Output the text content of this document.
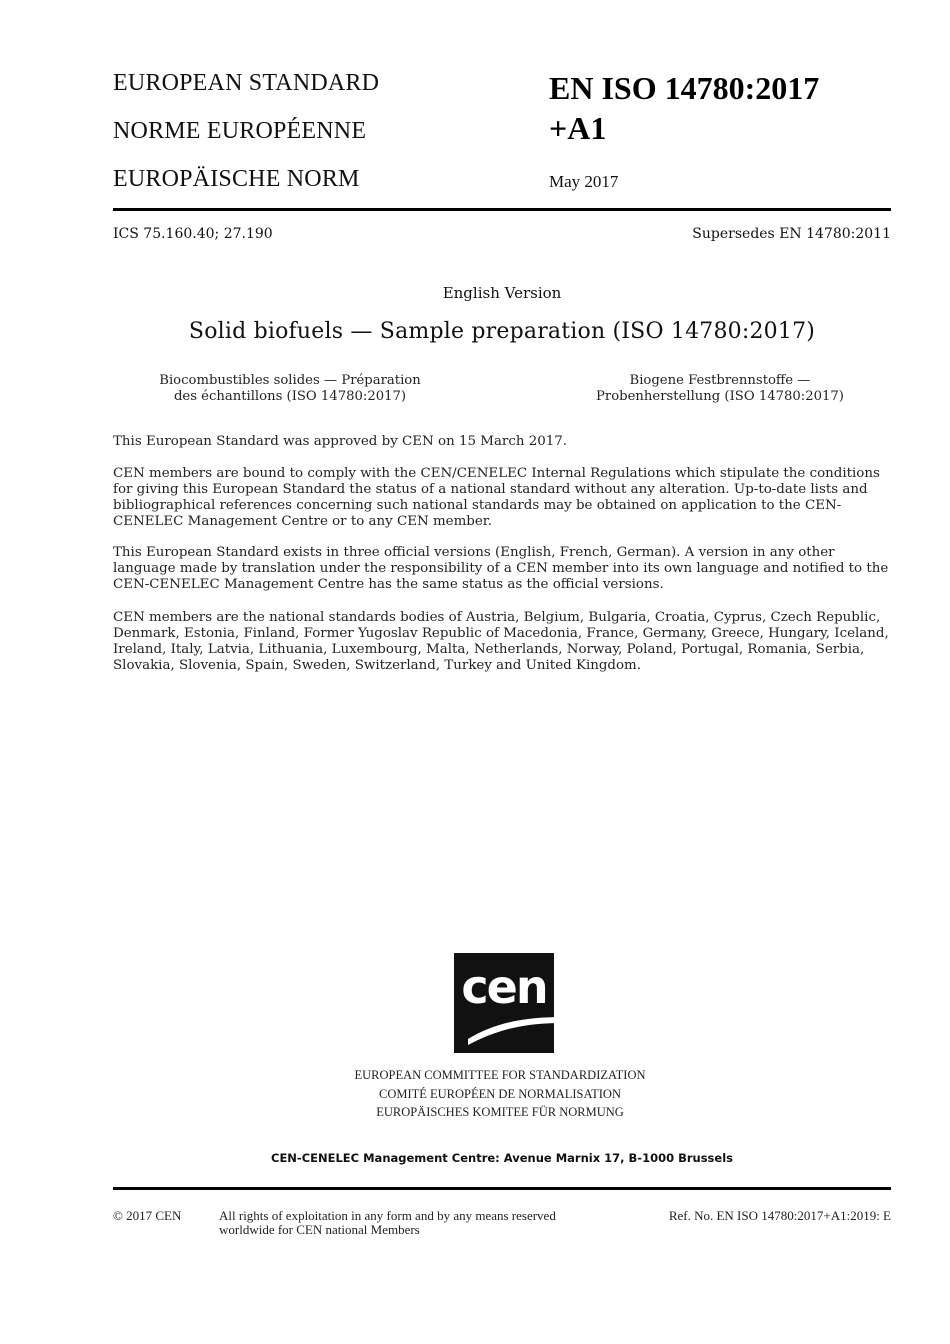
EUROPEAN STANDARD
NORME EUROPÉENNE
EUROPÄISCHE NORM
EN ISO 14780:2017
+A1
May 2017
ICS 75.160.40; 27.190	Supersedes EN 14780:2011
English Version
Solid biofuels — Sample preparation (ISO 14780:2017)
Biocombustibles solides — Préparation
des échantillons (ISO 14780:2017)
Biogene Festbrennstoffe —
Probenherstellung (ISO 14780:2017)
This European Standard was approved by CEN on 15 March 2017.
CEN members are bound to comply with the CEN/CENELEC Internal Regulations which stipulate the conditions for giving this European Standard the status of a national standard without any alteration. Up-to-date lists and bibliographical references concerning such national standards may be obtained on application to the CEN-CENELEC Management Centre or to any CEN member.
This European Standard exists in three official versions (English, French, German). A version in any other language made by translation under the responsibility of a CEN member into its own language and notified to the CEN-CENELEC Management Centre has the same status as the official versions.
CEN members are the national standards bodies of Austria, Belgium, Bulgaria, Croatia, Cyprus, Czech Republic, Denmark, Estonia, Finland, Former Yugoslav Republic of Macedonia, France, Germany, Greece, Hungary, Iceland, Ireland, Italy, Latvia, Lithuania, Luxembourg, Malta, Netherlands, Norway, Poland, Portugal, Romania, Serbia, Slovakia, Slovenia, Spain, Sweden, Switzerland, Turkey and United Kingdom.
cen
EUROPEAN COMMITTEE FOR STANDARDIZATION
COMITÉ EUROPÉEN DE NORMALISATION
EUROPÄISCHES KOMITEE FÜR NORMUNG
CEN-CENELEC Management Centre: Avenue Marnix 17, B-1000 Brussels
© 2017 CEN	All rights of exploitation in any form and by any means reserved
worldwide for CEN national Members
Ref. No. EN ISO 14780:2017+A1:2019: E
